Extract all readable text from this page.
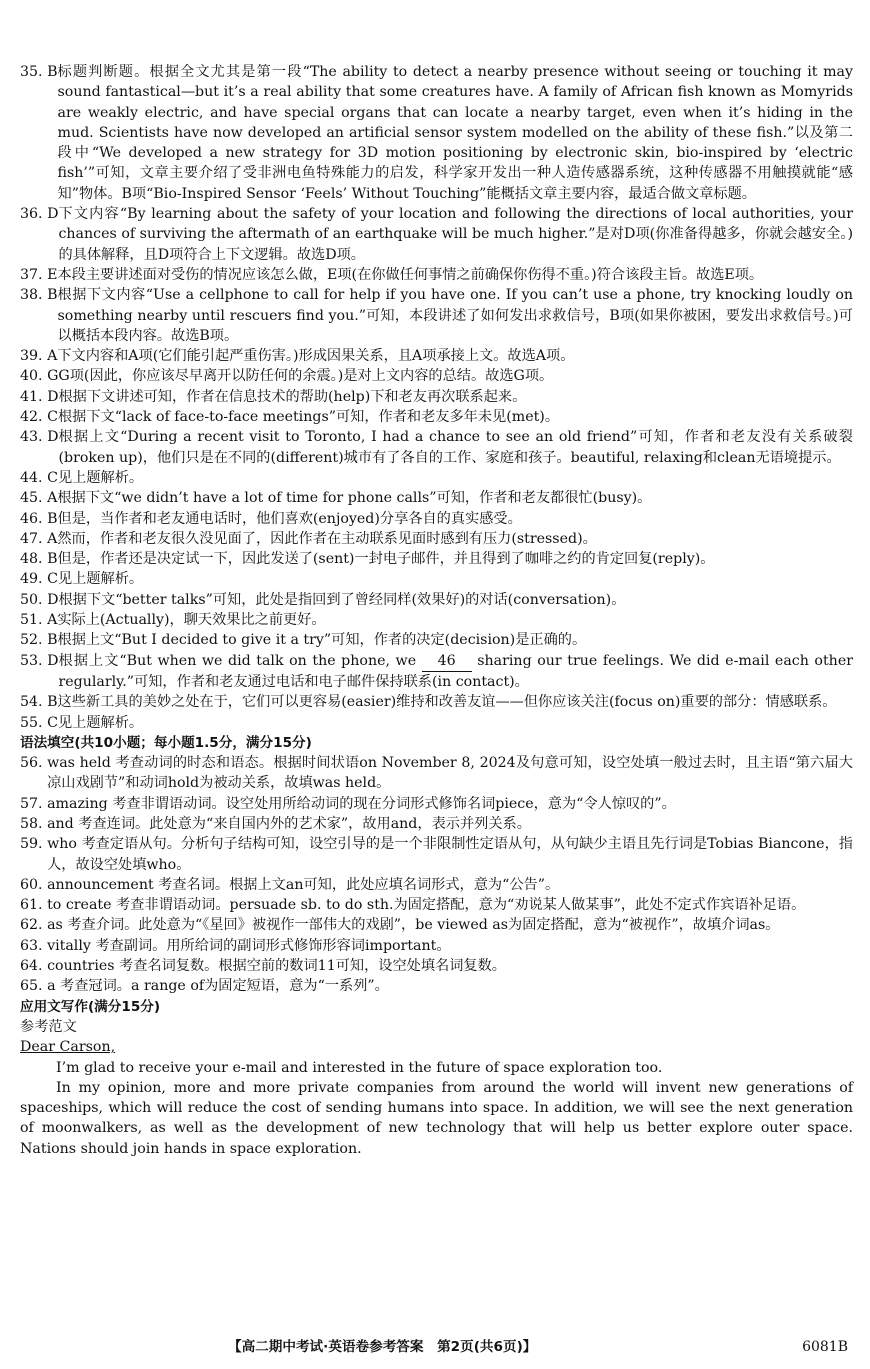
35. B 标题判断题。根据全文尤其是第一段“The ability to detect a nearby presence without seeing or touching it may sound fantastical—but it’s a real ability that some creatures have. A family of African fish known as Momyrids are weakly electric, and have special organs that can locate a nearby target, even when it’s hiding in the mud. Scientists have now developed an artificial sensor system modelled on the ability of these fish.”以及第二段中“We developed a new strategy for 3D motion positioning by electronic skin, bio-inspired by ‘electric fish’”可知，文章主要介绍了受非洲电鱼特殊能力的启发，科学家开发出一种人造传感器系统，这种传感器不用触摸就能“感知”物体。B项“Bio-Inspired Sensor ‘Feels’ Without Touching”能概括文章主要内容，最适合做文章标题。
36. D 下文内容“By learning about the safety of your location and following the directions of local authorities, your chances of surviving the aftermath of an earthquake will be much higher.”是对D项(你准备得越多，你就会越安全。)的具体解释，且D项符合上下文逻辑。故选D项。
37. E 本段主要讲述面对受伤的情况应该怎么做，E项(在你做任何事情之前确保你伤得不重。)符合该段主旨。故选E项。
38. B 根据下文内容“Use a cellphone to call for help if you have one. If you can’t use a phone, try knocking loudly on something nearby until rescuers find you.”可知，本段讲述了如何发出求救信号，B项(如果你被困，要发出求救信号。)可以概括本段内容。故选B项。
39. A 下文内容和A项(它们能引起严重伤害。)形成因果关系，且A项承接上文。故选A项。
40. G G项(因此，你应该尽早离开以防任何的余震。)是对上文内容的总结。故选G项。
41. D 根据下文讲述可知，作者在信息技术的帮助(help)下和老友再次联系起来。
42. C 根据下文“lack of face-to-face meetings”可知，作者和老友多年未见(met)。
43. D 根据上文“During a recent visit to Toronto, I had a chance to see an old friend”可知，作者和老友没有关系破裂(broken up)，他们只是在不同的(different)城市有了各自的工作、家庭和孩子。beautiful, relaxing和clean无语境提示。
44. C 见上题解析。
45. A 根据下文“we didn’t have a lot of time for phone calls”可知，作者和老友都很忙(busy)。
46. B 但是，当作者和老友通电话时，他们喜欢(enjoyed)分享各自的真实感受。
47. A 然而，作者和老友很久没见面了，因此作者在主动联系见面时感到有压力(stressed)。
48. B 但是，作者还是决定试一下，因此发送了(sent)一封电子邮件，并且得到了咖啡之约的肯定回复(reply)。
49. C 见上题解析。
50. D 根据下文“better talks”可知，此处是指回到了曾经同样(效果好)的对话(conversation)。
51. A 实际上(Actually)，聊天效果比之前更好。
52. B 根据上文“But I decided to give it a try”可知，作者的决定(decision)是正确的。
53. D 根据上文“But when we did talk on the phone, we 46 sharing our true feelings. We did e-mail each other regularly.”可知，作者和老友通过电话和电子邮件保持联系(in contact)。
54. B 这些新工具的美妙之处在于，它们可以更容易(easier)维持和改善友谊——但你应该关注(focus on)重要的部分：情感联系。
55. C 见上题解析。
语法填空(共10小题；每小题1.5分，满分15分)
56. was held 考查动词的时态和语态。根据时间状语on November 8, 2024及句意可知，设空处填一般过去时，且主语“第六届大凉山戏剧节”和动词hold为被动关系，故填was held。
57. amazing 考查非谓语动词。设空处用所给动词的现在分词形式修饰名词piece，意为“令人惊叹的”。
58. and 考查连词。此处意为“来自国内外的艺术家”，故用and，表示并列关系。
59. who 考查定语从句。分析句子结构可知，设空引导的是一个非限制性定语从句，从句缺少主语且先行词是Tobias Biancone，指人，故设空处填who。
60. announcement 考查名词。根据上文an可知，此处应填名词形式，意为“公告”。
61. to create 考查非谓语动词。persuade sb. to do sth.为固定搭配，意为“劝说某人做某事”，此处不定式作宾语补足语。
62. as 考查介词。此处意为“《星回》被视作一部伟大的戏剧”，be viewed as为固定搭配，意为“被视作”，故填介词as。
63. vitally 考查副词。用所给词的副词形式修饰形容词important。
64. countries 考查名词复数。根据空前的数词11可知，设空处填名词复数。
65. a 考查冠词。a range of为固定短语，意为“一系列”。
应用文写作(满分15分)
参考范文
Dear Carson,
I’m glad to receive your e-mail and interested in the future of space exploration too.
In my opinion, more and more private companies from around the world will invent new generations of spaceships, which will reduce the cost of sending humans into space. In addition, we will see the next generation of moonwalkers, as well as the development of new technology that will help us better explore outer space. Nations should join hands in space exploration.
【高二期中考试·英语卷参考答案　第2页(共6页)】	6081B
